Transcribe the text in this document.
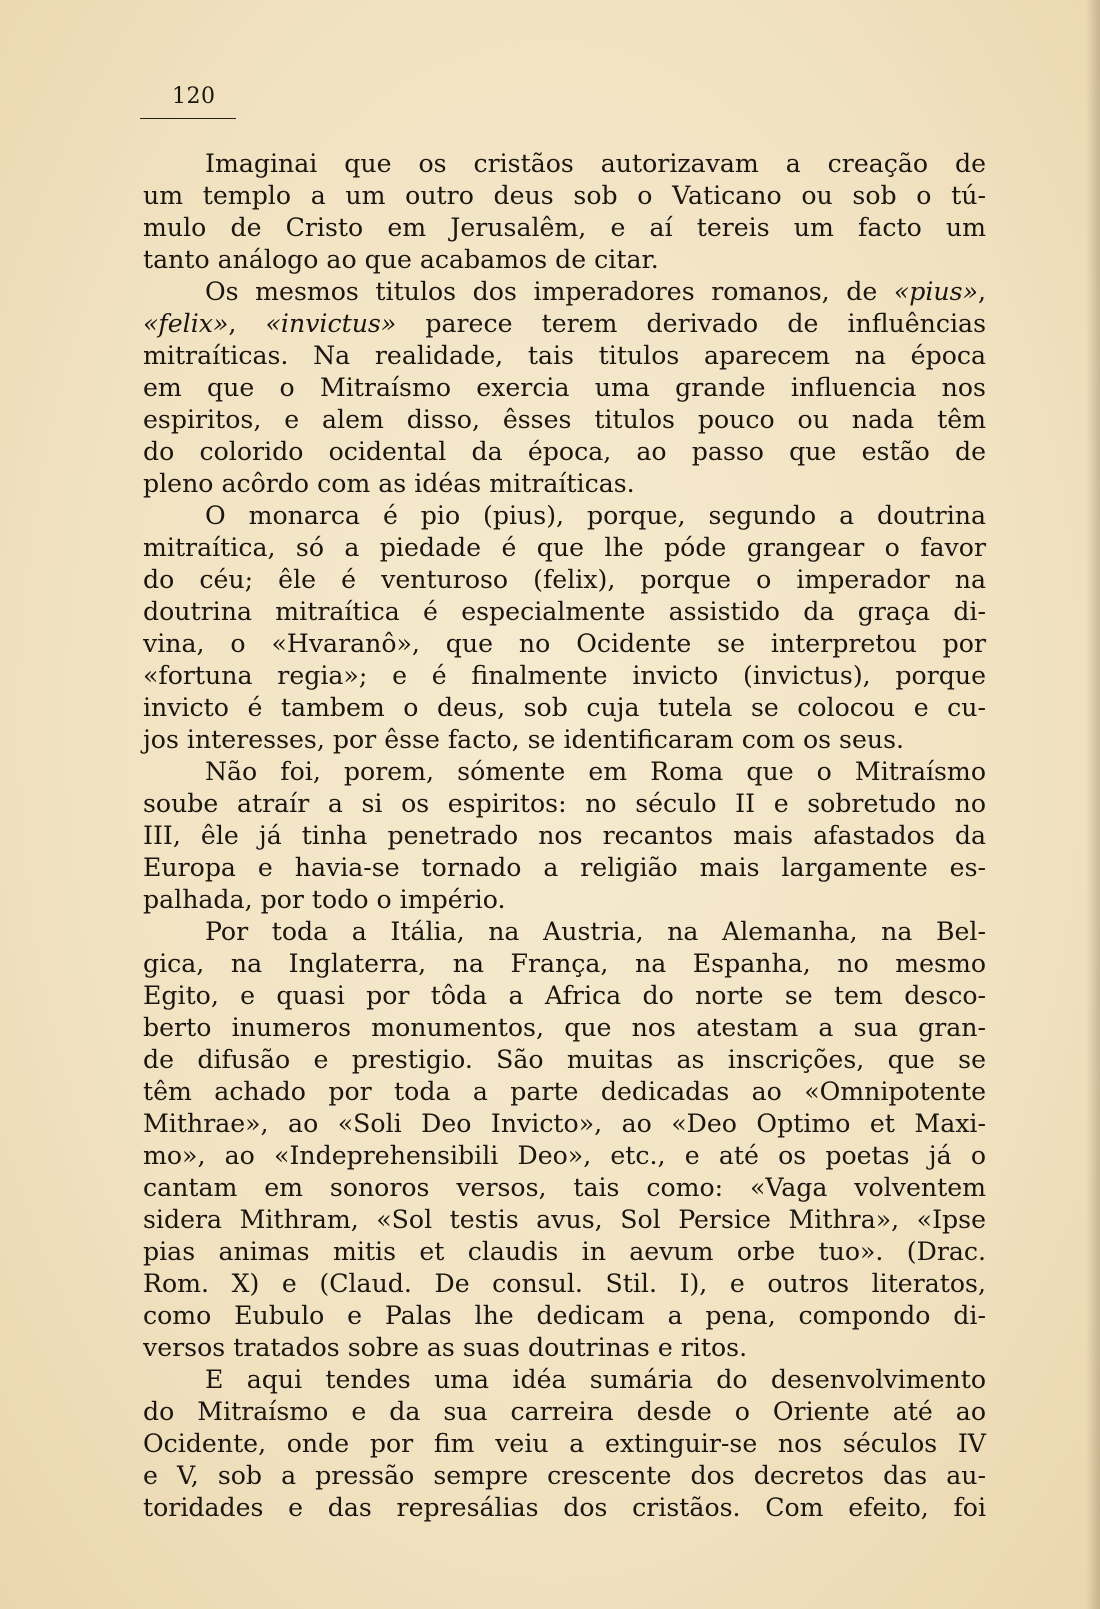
120
Imaginai que os cristãos autorizavam a creação de
um templo a um outro deus sob o Vaticano ou sob o tú-
mulo de Cristo em Jerusalêm, e aí tereis um facto um
tanto análogo ao que acabamos de citar.
Os mesmos titulos dos imperadores romanos, de «pius»,
«felix», «invictus» parece terem derivado de influências
mitraíticas. Na realidade, tais titulos aparecem na época
em que o Mitraísmo exercia uma grande influencia nos
espiritos, e alem disso, êsses titulos pouco ou nada têm
do colorido ocidental da época, ao passo que estão de
pleno acôrdo com as idéas mitraíticas.
O monarca é pio (pius), porque, segundo a doutrina
mitraítica, só a piedade é que lhe póde grangear o favor
do céu; êle é venturoso (felix), porque o imperador na
doutrina mitraítica é especialmente assistido da graça di-
vina, o «Hvaranô», que no Ocidente se interpretou por
«fortuna regia»; e é finalmente invicto (invictus), porque
invicto é tambem o deus, sob cuja tutela se colocou e cu-
jos interesses, por êsse facto, se identificaram com os seus.
Não foi, porem, sómente em Roma que o Mitraísmo
soube atraír a si os espiritos: no século II e sobretudo no
III, êle já tinha penetrado nos recantos mais afastados da
Europa e havia-se tornado a religião mais largamente es-
palhada, por todo o império.
Por toda a Itália, na Austria, na Alemanha, na Bel-
gica, na Inglaterra, na França, na Espanha, no mesmo
Egito, e quasi por tôda a Africa do norte se tem desco-
berto inumeros monumentos, que nos atestam a sua gran-
de difusão e prestigio. São muitas as inscrições, que se
têm achado por toda a parte dedicadas ao «Omnipotente
Mithrae», ao «Soli Deo Invicto», ao «Deo Optimo et Maxi-
mo», ao «Indeprehensibili Deo», etc., e até os poetas já o
cantam em sonoros versos, tais como: «Vaga volventem
sidera Mithram, «Sol testis avus, Sol Persice Mithra», «Ipse
pias animas mitis et claudis in aevum orbe tuo». (Drac.
Rom. X) e (Claud. De consul. Stil. I), e outros literatos,
como Eubulo e Palas lhe dedicam a pena, compondo di-
versos tratados sobre as suas doutrinas e ritos.
E aqui tendes uma idéa sumária do desenvolvimento
do Mitraísmo e da sua carreira desde o Oriente até ao
Ocidente, onde por fim veiu a extinguir-se nos séculos IV
e V, sob a pressão sempre crescente dos decretos das au-
toridades e das represálias dos cristãos. Com efeito, foi
